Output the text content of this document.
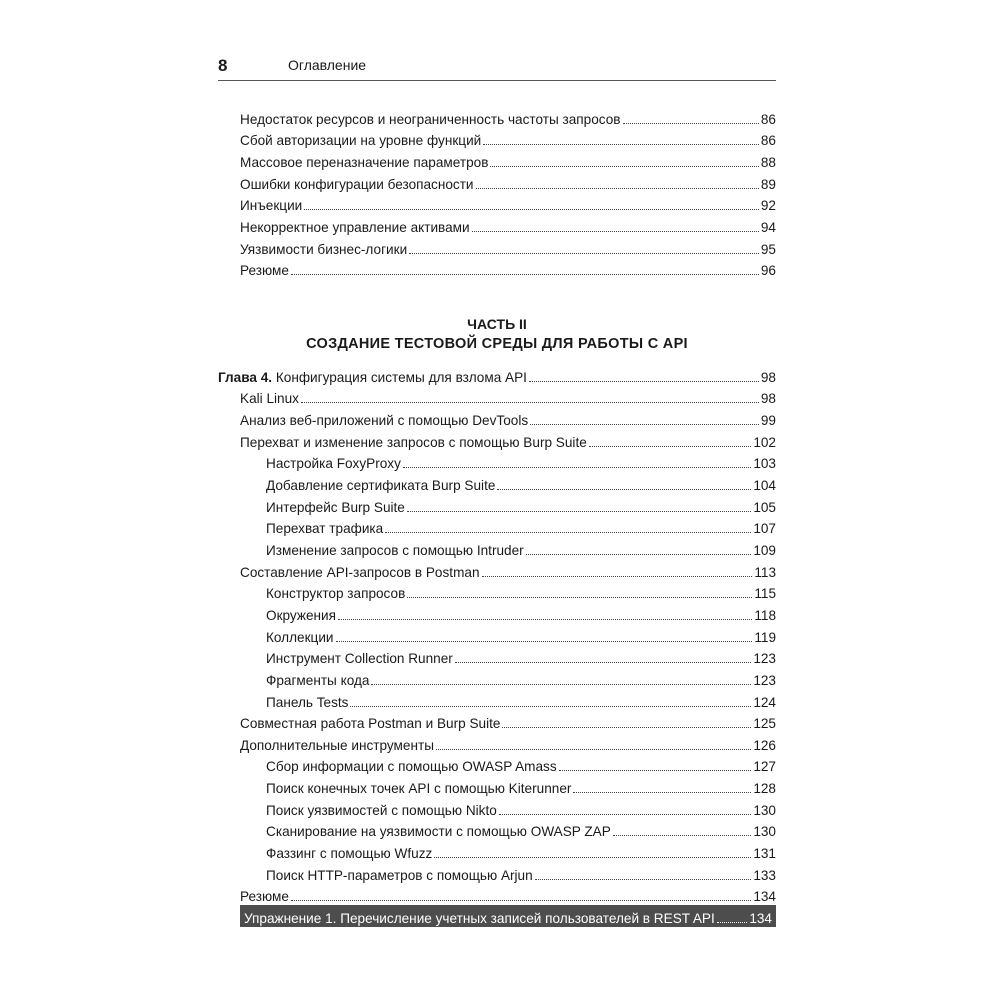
8	Оглавление
Недостаток ресурсов и неограниченность частоты запросов	86
Сбой авторизации на уровне функций	86
Массовое переназначение параметров	88
Ошибки конфигурации безопасности	89
Инъекции	92
Некорректное управление активами	94
Уязвимости бизнес-логики	95
Резюме	96
ЧАСТЬ II
СОЗДАНИЕ ТЕСТОВОЙ СРЕДЫ ДЛЯ РАБОТЫ С API
Глава 4. Конфигурация системы для взлома API	98
Kali Linux	98
Анализ веб-приложений с помощью DevTools	99
Перехват и изменение запросов с помощью Burp Suite	102
Настройка FoxyProxy	103
Добавление сертификата Burp Suite	104
Интерфейс Burp Suite	105
Перехват трафика	107
Изменение запросов с помощью Intruder	109
Составление API-запросов в Postman	113
Конструктор запросов	115
Окружения	118
Коллекции	119
Инструмент Collection Runner	123
Фрагменты кода	123
Панель Tests	124
Совместная работа Postman и Burp Suite	125
Дополнительные инструменты	126
Сбор информации с помощью OWASP Amass	127
Поиск конечных точек API с помощью Kiterunner	128
Поиск уязвимостей с помощью Nikto	130
Сканирование на уязвимости с помощью OWASP ZAP	130
Фаззинг с помощью Wfuzz	131
Поиск HTTP-параметров с помощью Arjun	133
Резюме	134
Упражнение 1. Перечисление учетных записей пользователей в REST API	134
